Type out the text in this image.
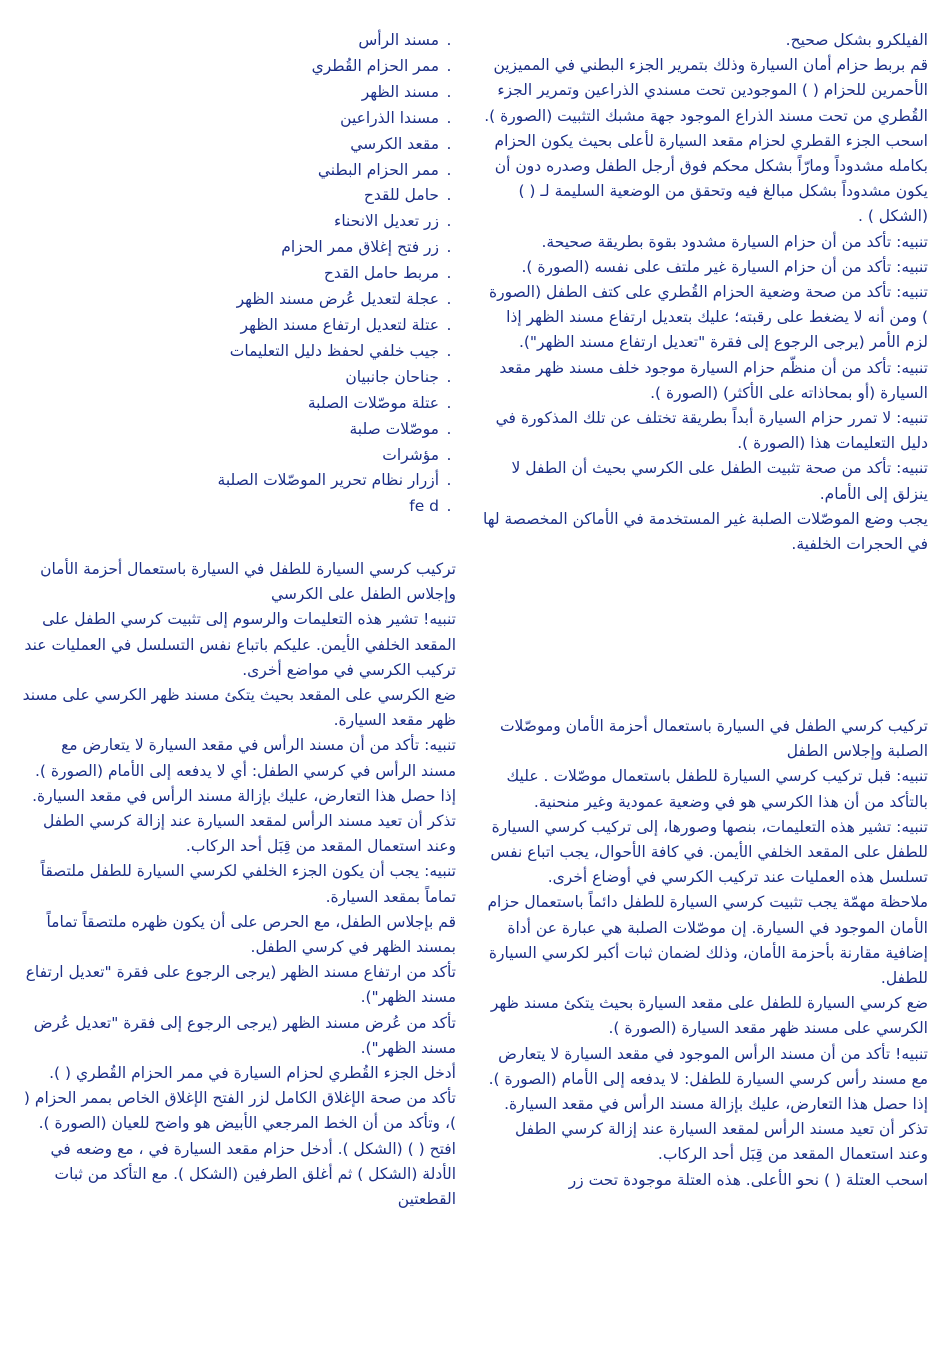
الفيلكرو بشكل صحيح.

قم بربط حزام أمان السيارة وذلك بتمرير الجزء البطني في المميزين الأحمرين للحزام ( ) الموجودين تحت مسندي الذراعين وتمرير الجزء القُطري من تحت مسند الذراع الموجود جهة مشبك التثبيت (الصورة ).

اسحب الجزء القطري لحزام مقعد السيارة لأعلى بحيث يكون الحزام بكامله مشدوداً ومارّاً بشكل محكم فوق أرجل الطفل وصدره دون أن يكون مشدوداً بشكل مبالغ فيه وتحقق من الوضعية السليمة لـ ( ) (الشكل ) .

تنبيه: تأكد من أن حزام السيارة مشدود بقوة بطريقة صحيحة.

تنبيه: تأكد من أن حزام السيارة غير ملتف على نفسه (الصورة ).

تنبيه: تأكد من صحة وضعية الحزام القُطري على كتف الطفل (الصورة ) ومن أنه لا يضغط على رقبته؛ عليك بتعديل ارتفاع مسند الظهر إذا لزم الأمر (يرجى الرجوع إلى فقرة "تعديل ارتفاع مسند الظهر").

تنبيه: تأكد من أن منظّم حزام السيارة موجود خلف مسند ظهر مقعد السيارة (أو بمحاذاته على الأكثر) (الصورة ).

تنبيه: لا تمرر حزام السيارة أبداً بطريقة تختلف عن تلك المذكورة في دليل التعليمات هذا (الصورة ).

تنبيه: تأكد من صحة تثبيت الطفل على الكرسي بحيث أن الطفل لا ينزلق إلى الأمام.

يجب وضع الموصّلات الصلبة غير المستخدمة في الأماكن المخصصة لها في الحجرات الخلفية.

تركيب كرسي الطفل في السيارة باستعمال أحزمة الأمان وموصّلات الصلبة وإجلاس الطفل

تنبيه: قبل تركيب كرسي السيارة للطفل باستعمال موصّلات . عليك بالتأكد من أن هذا الكرسي هو في وضعية عمودية وغير منحنية.

تنبيه: تشير هذه التعليمات، بنصها وصورها، إلى تركيب كرسي السيارة للطفل على المقعد الخلفي الأيمن. في كافة الأحوال، يجب اتباع نفس تسلسل هذه العمليات عند تركيب الكرسي في أوضاع أخرى.

ملاحظة مهمّة يجب تثبيت كرسي السيارة للطفل دائماً باستعمال حزام الأمان الموجود في السيارة. إن موصّلات الصلبة هي عبارة عن أداة إضافية مقارنة بأحزمة الأمان، وذلك لضمان ثبات أكبر لكرسي السيارة للطفل.

ضع كرسي السيارة للطفل على مقعد السيارة بحيث يتكئ مسند ظهر الكرسي على مسند ظهر مقعد السيارة (الصورة ).

تنبيه! تأكد من أن مسند الرأس الموجود في مقعد السيارة لا يتعارض مع مسند رأس كرسي السيارة للطفل: لا يدفعه إلى الأمام (الصورة ). إذا حصل هذا التعارض، عليك بإزالة مسند الرأس في مقعد السيارة. تذكر أن تعيد مسند الرأس لمقعد السيارة عند إزالة كرسي الطفل وعند استعمال المقعد من قِبَل أحد الركاب.

اسحب العتلة ( ) نحو الأعلى. هذه العتلة موجودة تحت زر

تركيب كرسي السيارة للطفل في السيارة باستعمال أحزمة الأمان وإجلاس الطفل على الكرسي

تنبيه! تشير هذه التعليمات والرسوم إلى تثبيت كرسي الطفل على المقعد الخلفي الأيمن. عليكم باتباع نفس التسلسل في العمليات عند تركيب الكرسي في مواضع أخرى.

ضع الكرسي على المقعد بحيث يتكئ مسند ظهر الكرسي على مسند ظهر مقعد السيارة.

تنبيه: تأكد من أن مسند الرأس في مقعد السيارة لا يتعارض مع مسند الرأس في كرسي الطفل: أي لا يدفعه إلى الأمام (الصورة ). إذا حصل هذا التعارض، عليك بإزالة مسند الرأس في مقعد السيارة. تذكر أن تعيد مسند الرأس لمقعد السيارة عند إزالة كرسي الطفل وعند استعمال المقعد من قِبَل أحد الركاب.

تنبيه: يجب أن يكون الجزء الخلفي لكرسي السيارة للطفل ملتصقاً تماماً بمقعد السيارة.

قم بإجلاس الطفل، مع الحرص على أن يكون ظهره ملتصقاً تماماً بمسند الظهر في كرسي الطفل.

تأكد من ارتفاع مسند الظهر (يرجى الرجوع على فقرة "تعديل ارتفاع مسند الظهر").

تأكد من عُرض مسند الظهر (يرجى الرجوع إلى فقرة "تعديل عُرض مسند الظهر").

أدخل الجزء القُطري لحزام السيارة في ممر الحزام القُطري ( ).

تأكد من صحة الإغلاق الكامل لزر الفتح الإغلاق الخاص بممر الحزام ( )، وتأكد من أن الخط المرجعي الأبيض هو واضح للعيان (الصورة ).

افتح ( ) (الشكل ). أدخل حزام مقعد السيارة في ، مع وضعه في الأدلة (الشكل ) ثم أغلق الطرفين (الشكل ). مع التأكد من ثبات القطعتين

.مسند الرأس
.ممر الحزام القُطري
.مسند الظهر
.مسندا الذراعين
.مقعد الكرسي
.ممر الحزام البطني
.حامل للقدح
.زر تعديل الانحناء
.زر فتح إغلاق ممر الحزام
.مربط حامل القدح
.عجلة لتعديل عُرض مسند الظهر
.عتلة لتعديل ارتفاع مسند الظهر
.جيب خلفي لحفظ دليل التعليمات
.جناحان جانبيان
.عتلة موصّلات الصلبة
.موصّلات صلبة
.مؤشرات
.أزرار نظام تحرير الموصّلات الصلبة
.fe d
